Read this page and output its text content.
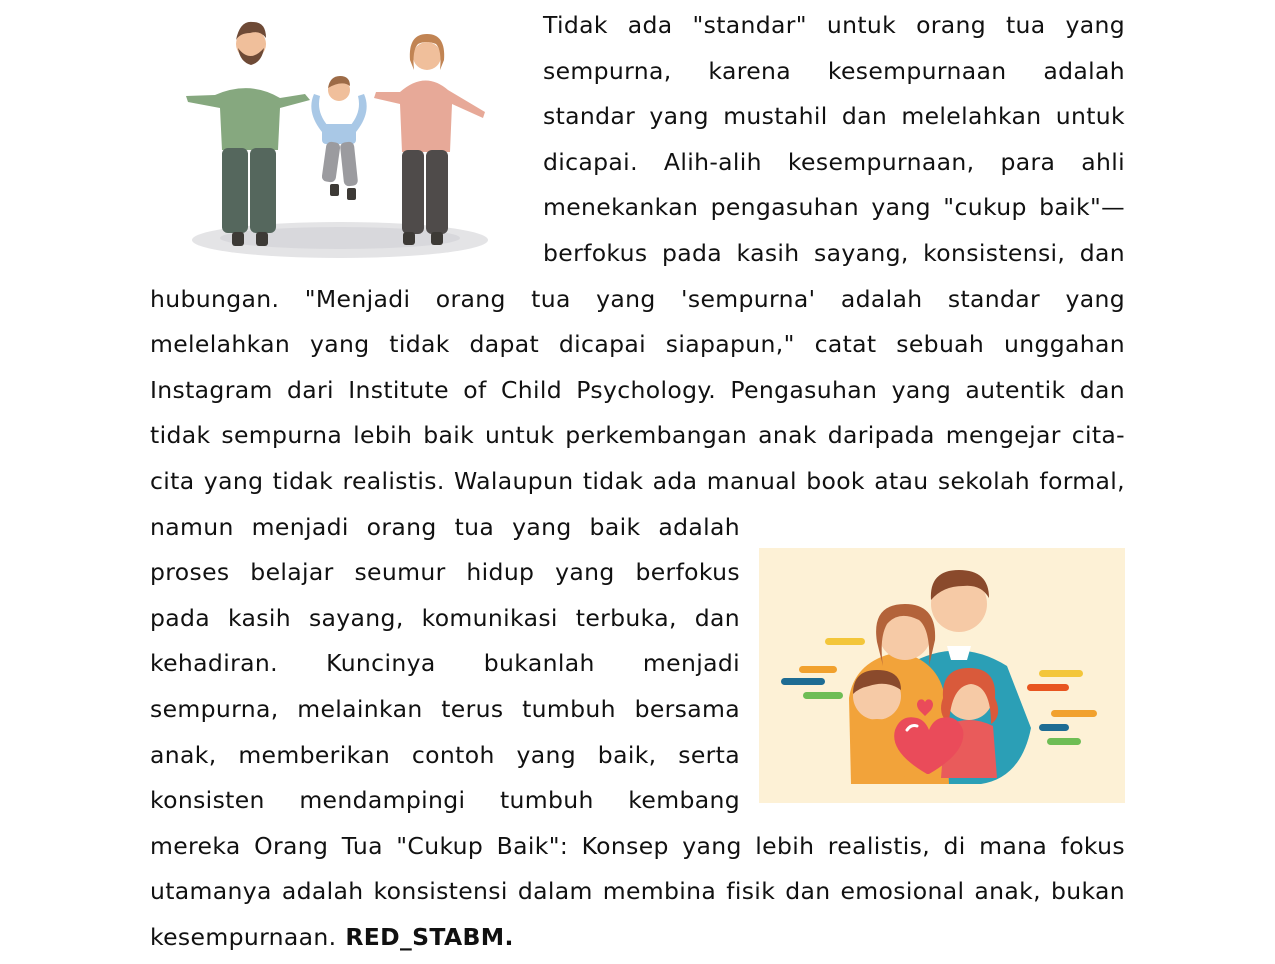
Tidak ada "standar" untuk orang tua yang sempurna, karena kesempurnaan adalah standar yang mustahil dan melelahkan untuk dicapai. Alih-alih kesempurnaan, para ahli menekankan pengasuhan yang "cukup baik"—berfokus pada kasih sayang, konsistensi, dan hubungan. "Menjadi orang tua yang 'sempurna' adalah standar yang melelahkan yang tidak dapat dicapai siapapun," catat sebuah unggahan Instagram dari Institute of Child Psychology. Pengasuhan yang autentik dan tidak sempurna lebih baik untuk perkembangan anak daripada mengejar cita-cita yang tidak realistis. Walaupun tidak ada manual book atau sekolah formal, namun menjadi orang tua yang baik adalah proses belajar seumur hidup yang berfokus pada kasih sayang, komunikasi terbuka, dan kehadiran. Kuncinya bukanlah menjadi sempurna, melainkan terus tumbuh bersama anak, memberikan contoh yang baik, serta konsisten mendampingi tumbuh kembang mereka Orang Tua "Cukup Baik": Konsep yang lebih realistis, di mana fokus utamanya adalah konsistensi dalam membina fisik dan emosional anak, bukan kesempurnaan. RED_STABM.
